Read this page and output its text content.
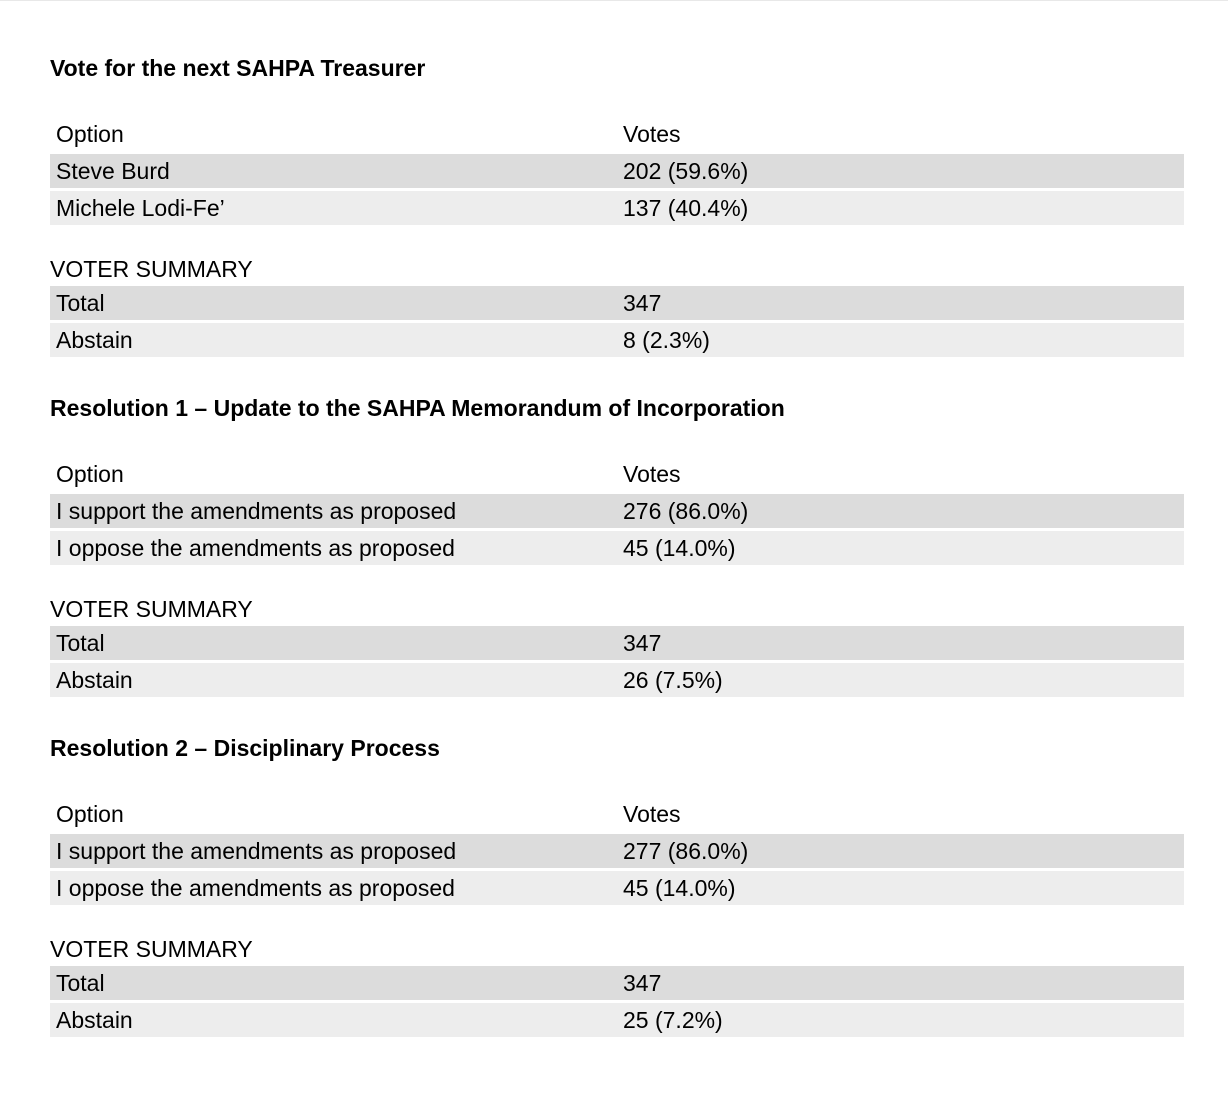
Vote for the next SAHPA Treasurer
Option	Votes
Steve Burd	202 (59.6%)
Michele Lodi-Fe’	137 (40.4%)
VOTER SUMMARY
Total	347
Abstain	8 (2.3%)
Resolution 1 – Update to the SAHPA Memorandum of Incorporation
Option	Votes
I support the amendments as proposed	276 (86.0%)
I oppose the amendments as proposed	45 (14.0%)
VOTER SUMMARY
Total	347
Abstain	26 (7.5%)
Resolution 2 – Disciplinary Process
Option	Votes
I support the amendments as proposed	277 (86.0%)
I oppose the amendments as proposed	45 (14.0%)
VOTER SUMMARY
Total	347
Abstain	25 (7.2%)
